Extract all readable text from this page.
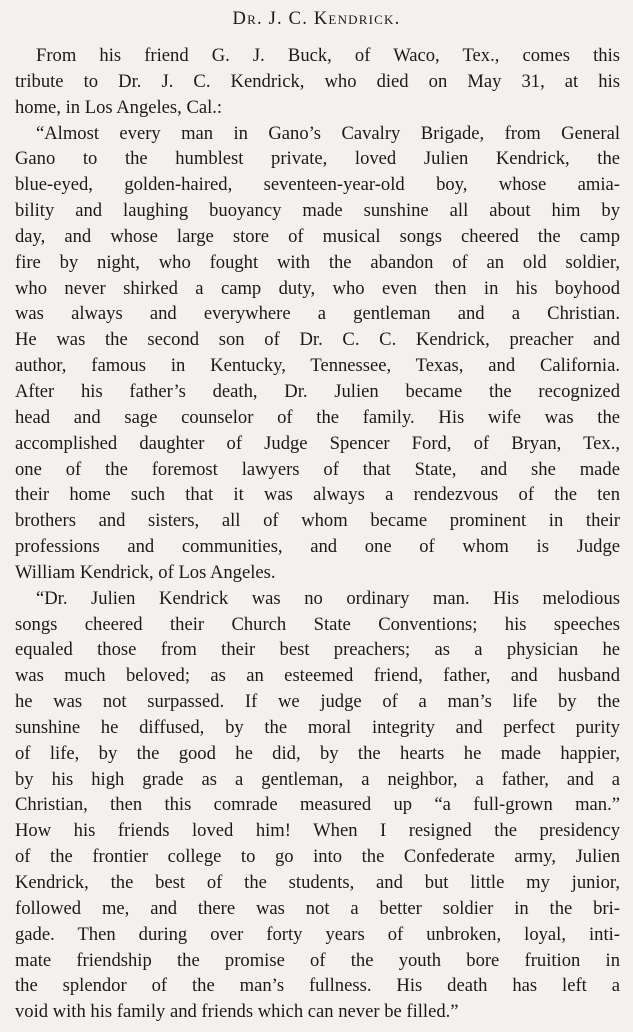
Dr. J. C. Kendrick.

From his friend G. J. Buck, of Waco, Tex., comes this
tribute to Dr. J. C. Kendrick, who died on May 31, at his
home, in Los Angeles, Cal.:

“Almost every man in Gano’s Cavalry Brigade, from General
Gano to the humblest private, loved Julien Kendrick, the
blue-eyed, golden-haired, seventeen-year-old boy, whose amia-
bility and laughing buoyancy made sunshine all about him by
day, and whose large store of musical songs cheered the camp
fire by night, who fought with the abandon of an old soldier,
who never shirked a camp duty, who even then in his boyhood
was always and everywhere a gentleman and a Christian.
He was the second son of Dr. C. C. Kendrick, preacher and
author, famous in Kentucky, Tennessee, Texas, and California.
After his father’s death, Dr. Julien became the recognized
head and sage counselor of the family. His wife was the
accomplished daughter of Judge Spencer Ford, of Bryan, Tex.,
one of the foremost lawyers of that State, and she made
their home such that it was always a rendezvous of the ten
brothers and sisters, all of whom became prominent in their
professions and communities, and one of whom is Judge
William Kendrick, of Los Angeles.

“Dr. Julien Kendrick was no ordinary man. His melodious
songs cheered their Church State Conventions; his speeches
equaled those from their best preachers; as a physician he
was much beloved; as an esteemed friend, father, and husband
he was not surpassed. If we judge of a man’s life by the
sunshine he diffused, by the moral integrity and perfect purity
of life, by the good he did, by the hearts he made happier,
by his high grade as a gentleman, a neighbor, a father, and a
Christian, then this comrade measured up “a full-grown man.”
How his friends loved him! When I resigned the presidency
of the frontier college to go into the Confederate army, Julien
Kendrick, the best of the students, and but little my junior,
followed me, and there was not a better soldier in the bri-
gade. Then during over forty years of unbroken, loyal, inti-
mate friendship the promise of the youth bore fruition in
the splendor of the man’s fullness. His death has left a
void with his family and friends which can never be filled.”
